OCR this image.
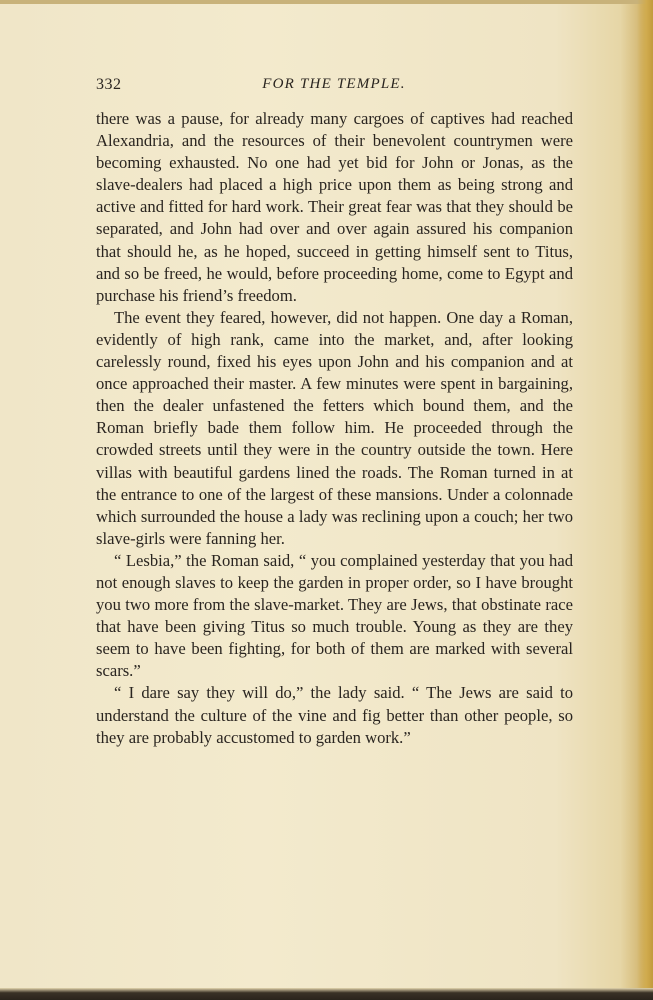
332	FOR THE TEMPLE.

there was a pause, for already many cargoes of captives had reached Alexandria, and the resources of their benevolent countrymen were becoming exhausted. No one had yet bid for John or Jonas, as the slave-dealers had placed a high price upon them as being strong and active and fitted for hard work. Their great fear was that they should be separated, and John had over and over again assured his companion that should he, as he hoped, succeed in getting himself sent to Titus, and so be freed, he would, before proceeding home, come to Egypt and purchase his friend’s freedom.

The event they feared, however, did not happen. One day a Roman, evidently of high rank, came into the market, and, after looking carelessly round, fixed his eyes upon John and his companion and at once approached their master. A few minutes were spent in bargaining, then the dealer unfastened the fetters which bound them, and the Roman briefly bade them follow him. He proceeded through the crowded streets until they were in the country outside the town. Here villas with beautiful gardens lined the roads. The Roman turned in at the entrance to one of the largest of these mansions. Under a colonnade which surrounded the house a lady was reclining upon a couch; her two slave-girls were fanning her.

“ Lesbia,” the Roman said, “ you complained yesterday that you had not enough slaves to keep the garden in proper order, so I have brought you two more from the slave-market. They are Jews, that obstinate race that have been giving Titus so much trouble. Young as they are they seem to have been fighting, for both of them are marked with several scars.”

“ I dare say they will do,” the lady said. “ The Jews are said to understand the culture of the vine and fig better than other people, so they are probably accustomed to garden work.”
